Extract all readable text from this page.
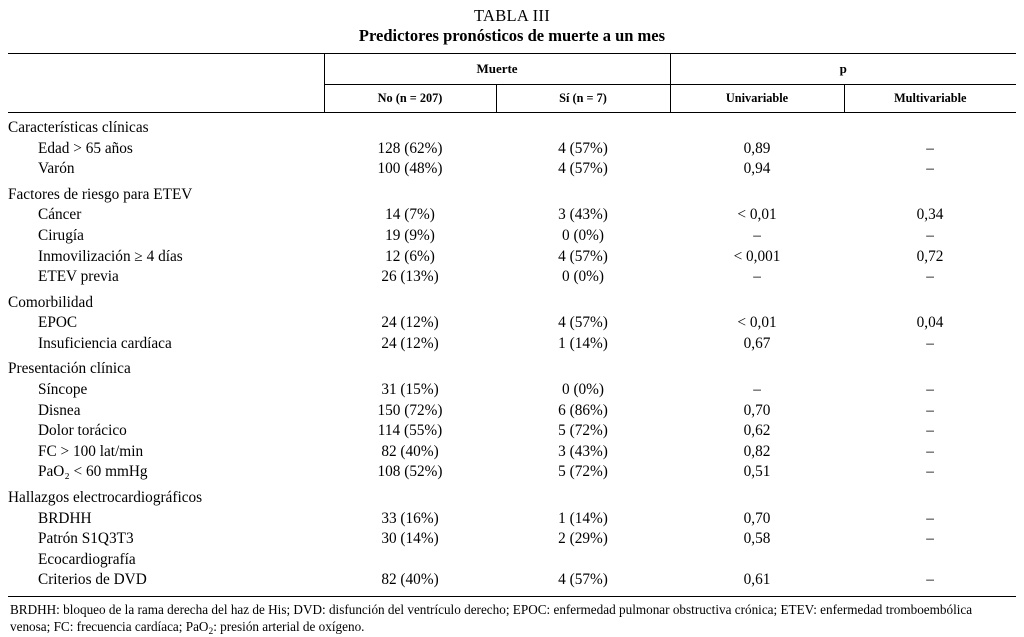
TABLA III
Predictores pronósticos de muerte a un mes
	Muerte		p	
	No (n = 207)	Sí (n = 7)	Univariable	Multivariable

Características clínicas				
Edad > 65 años	128 (62%)	4 (57%)	0,89	–
Varón	100 (48%)	4 (57%)	0,94	–

Factores de riesgo para ETEV				
Cáncer	14 (7%)	3 (43%)	< 0,01	0,34
Cirugía	19 (9%)	0 (0%)	–	–
Inmovilización ≥ 4 días	12 (6%)	4 (57%)	< 0,001	0,72
ETEV previa	26 (13%)	0 (0%)	–	–

Comorbilidad				
EPOC	24 (12%)	4 (57%)	< 0,01	0,04
Insuficiencia cardíaca	24 (12%)	1 (14%)	0,67	–

Presentación clínica				
Síncope	31 (15%)	0 (0%)	–	–
Disnea	150 (72%)	6 (86%)	0,70	–
Dolor torácico	114 (55%)	5 (72%)	0,62	–
FC > 100 lat/min	82 (40%)	3 (43%)	0,82	–
PaO₂ < 60 mmHg	108 (52%)	5 (72%)	0,51	–

Hallazgos electrocardiográficos				
BRDHH	33 (16%)	1 (14%)	0,70	–
Patrón S1Q3T3	30 (14%)	2 (29%)	0,58	–
Ecocardiografía				
Criterios de DVD	82 (40%)	4 (57%)	0,61	–

BRDHH: bloqueo de la rama derecha del haz de His; DVD: disfunción del ventrículo derecho; EPOC: enfermedad pulmonar obstructiva crónica; ETEV: enfermedad tromboembólica venosa; FC: frecuencia cardíaca; PaO$_2$: presión arterial de oxígeno.
